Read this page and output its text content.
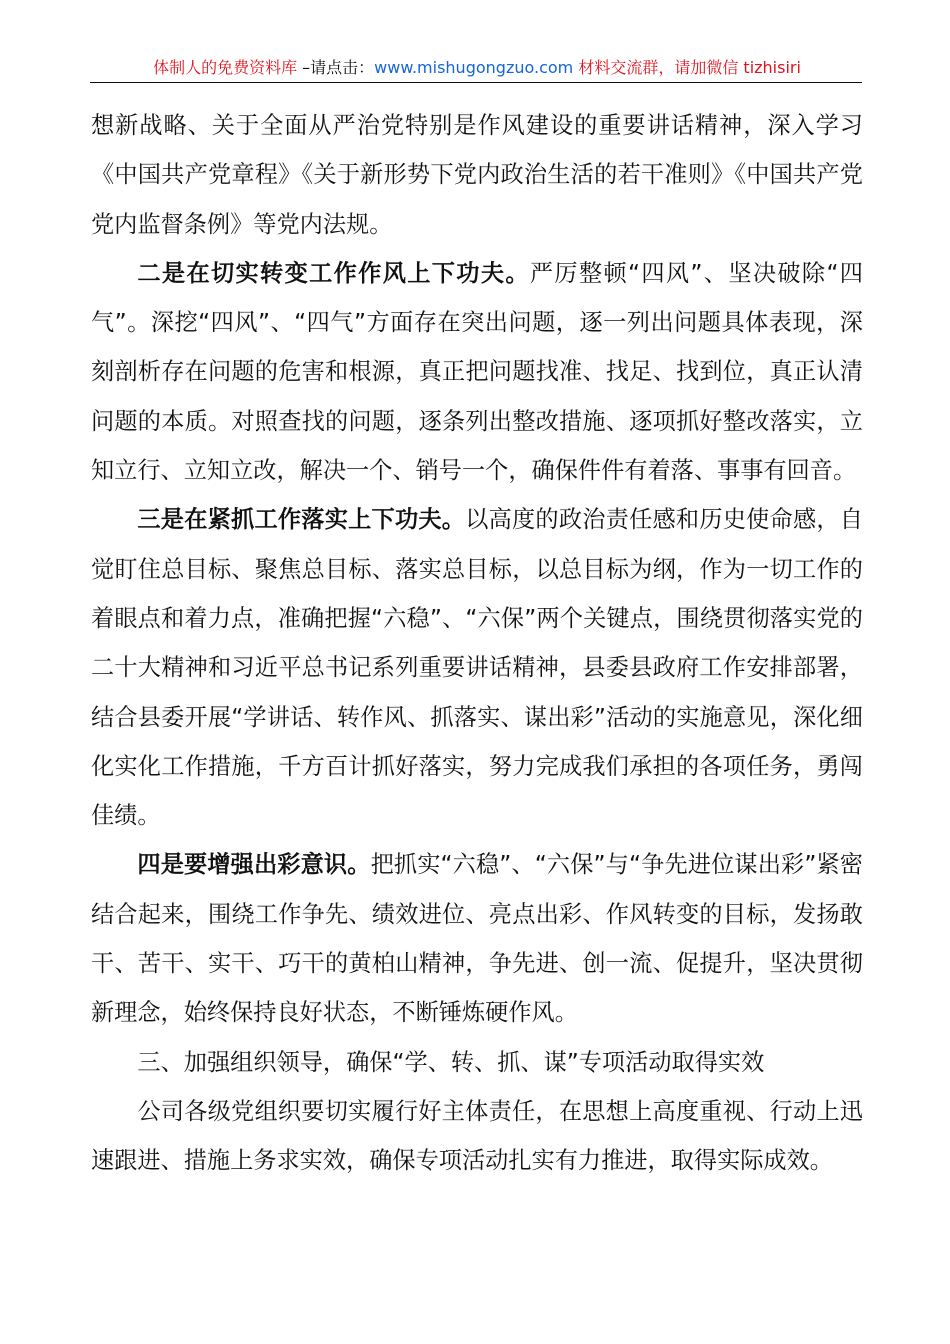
体制人的免费资料库 –请点击：www.mishugongzuo.com 材料交流群，请加微信 tizhisiri

想新战略、关于全面从严治党特别是作风建设的重要讲话精神，深入学习《中国共产党章程》《关于新形势下党内政治生活的若干准则》《中国共产党党内监督条例》等党内法规。

二是在切实转变工作作风上下功夫。严厉整顿“四风”、坚决破除“四气”。深挖“四风”、“四气”方面存在突出问题，逐一列出问题具体表现，深刻剖析存在问题的危害和根源，真正把问题找准、找足、找到位，真正认清问题的本质。对照查找的问题，逐条列出整改措施、逐项抓好整改落实，立知立行、立知立改，解决一个、销号一个，确保件件有着落、事事有回音。

三是在紧抓工作落实上下功夫。以高度的政治责任感和历史使命感，自觉盯住总目标、聚焦总目标、落实总目标，以总目标为纲，作为一切工作的着眼点和着力点，准确把握“六稳”、“六保”两个关键点，围绕贯彻落实党的二十大精神和习近平总书记系列重要讲话精神，县委县政府工作安排部署，结合县委开展“学讲话、转作风、抓落实、谋出彩”活动的实施意见，深化细化实化工作措施，千方百计抓好落实，努力完成我们承担的各项任务，勇闯佳绩。

四是要增强出彩意识。把抓实“六稳”、“六保”与“争先进位谋出彩”紧密结合起来，围绕工作争先、绩效进位、亮点出彩、作风转变的目标，发扬敢干、苦干、实干、巧干的黄柏山精神，争先进、创一流、促提升，坚决贯彻新理念，始终保持良好状态，不断锤炼硬作风。

三、加强组织领导，确保“学、转、抓、谋”专项活动取得实效

公司各级党组织要切实履行好主体责任，在思想上高度重视、行动上迅速跟进、措施上务求实效，确保专项活动扎实有力推进，取得实际成效。
